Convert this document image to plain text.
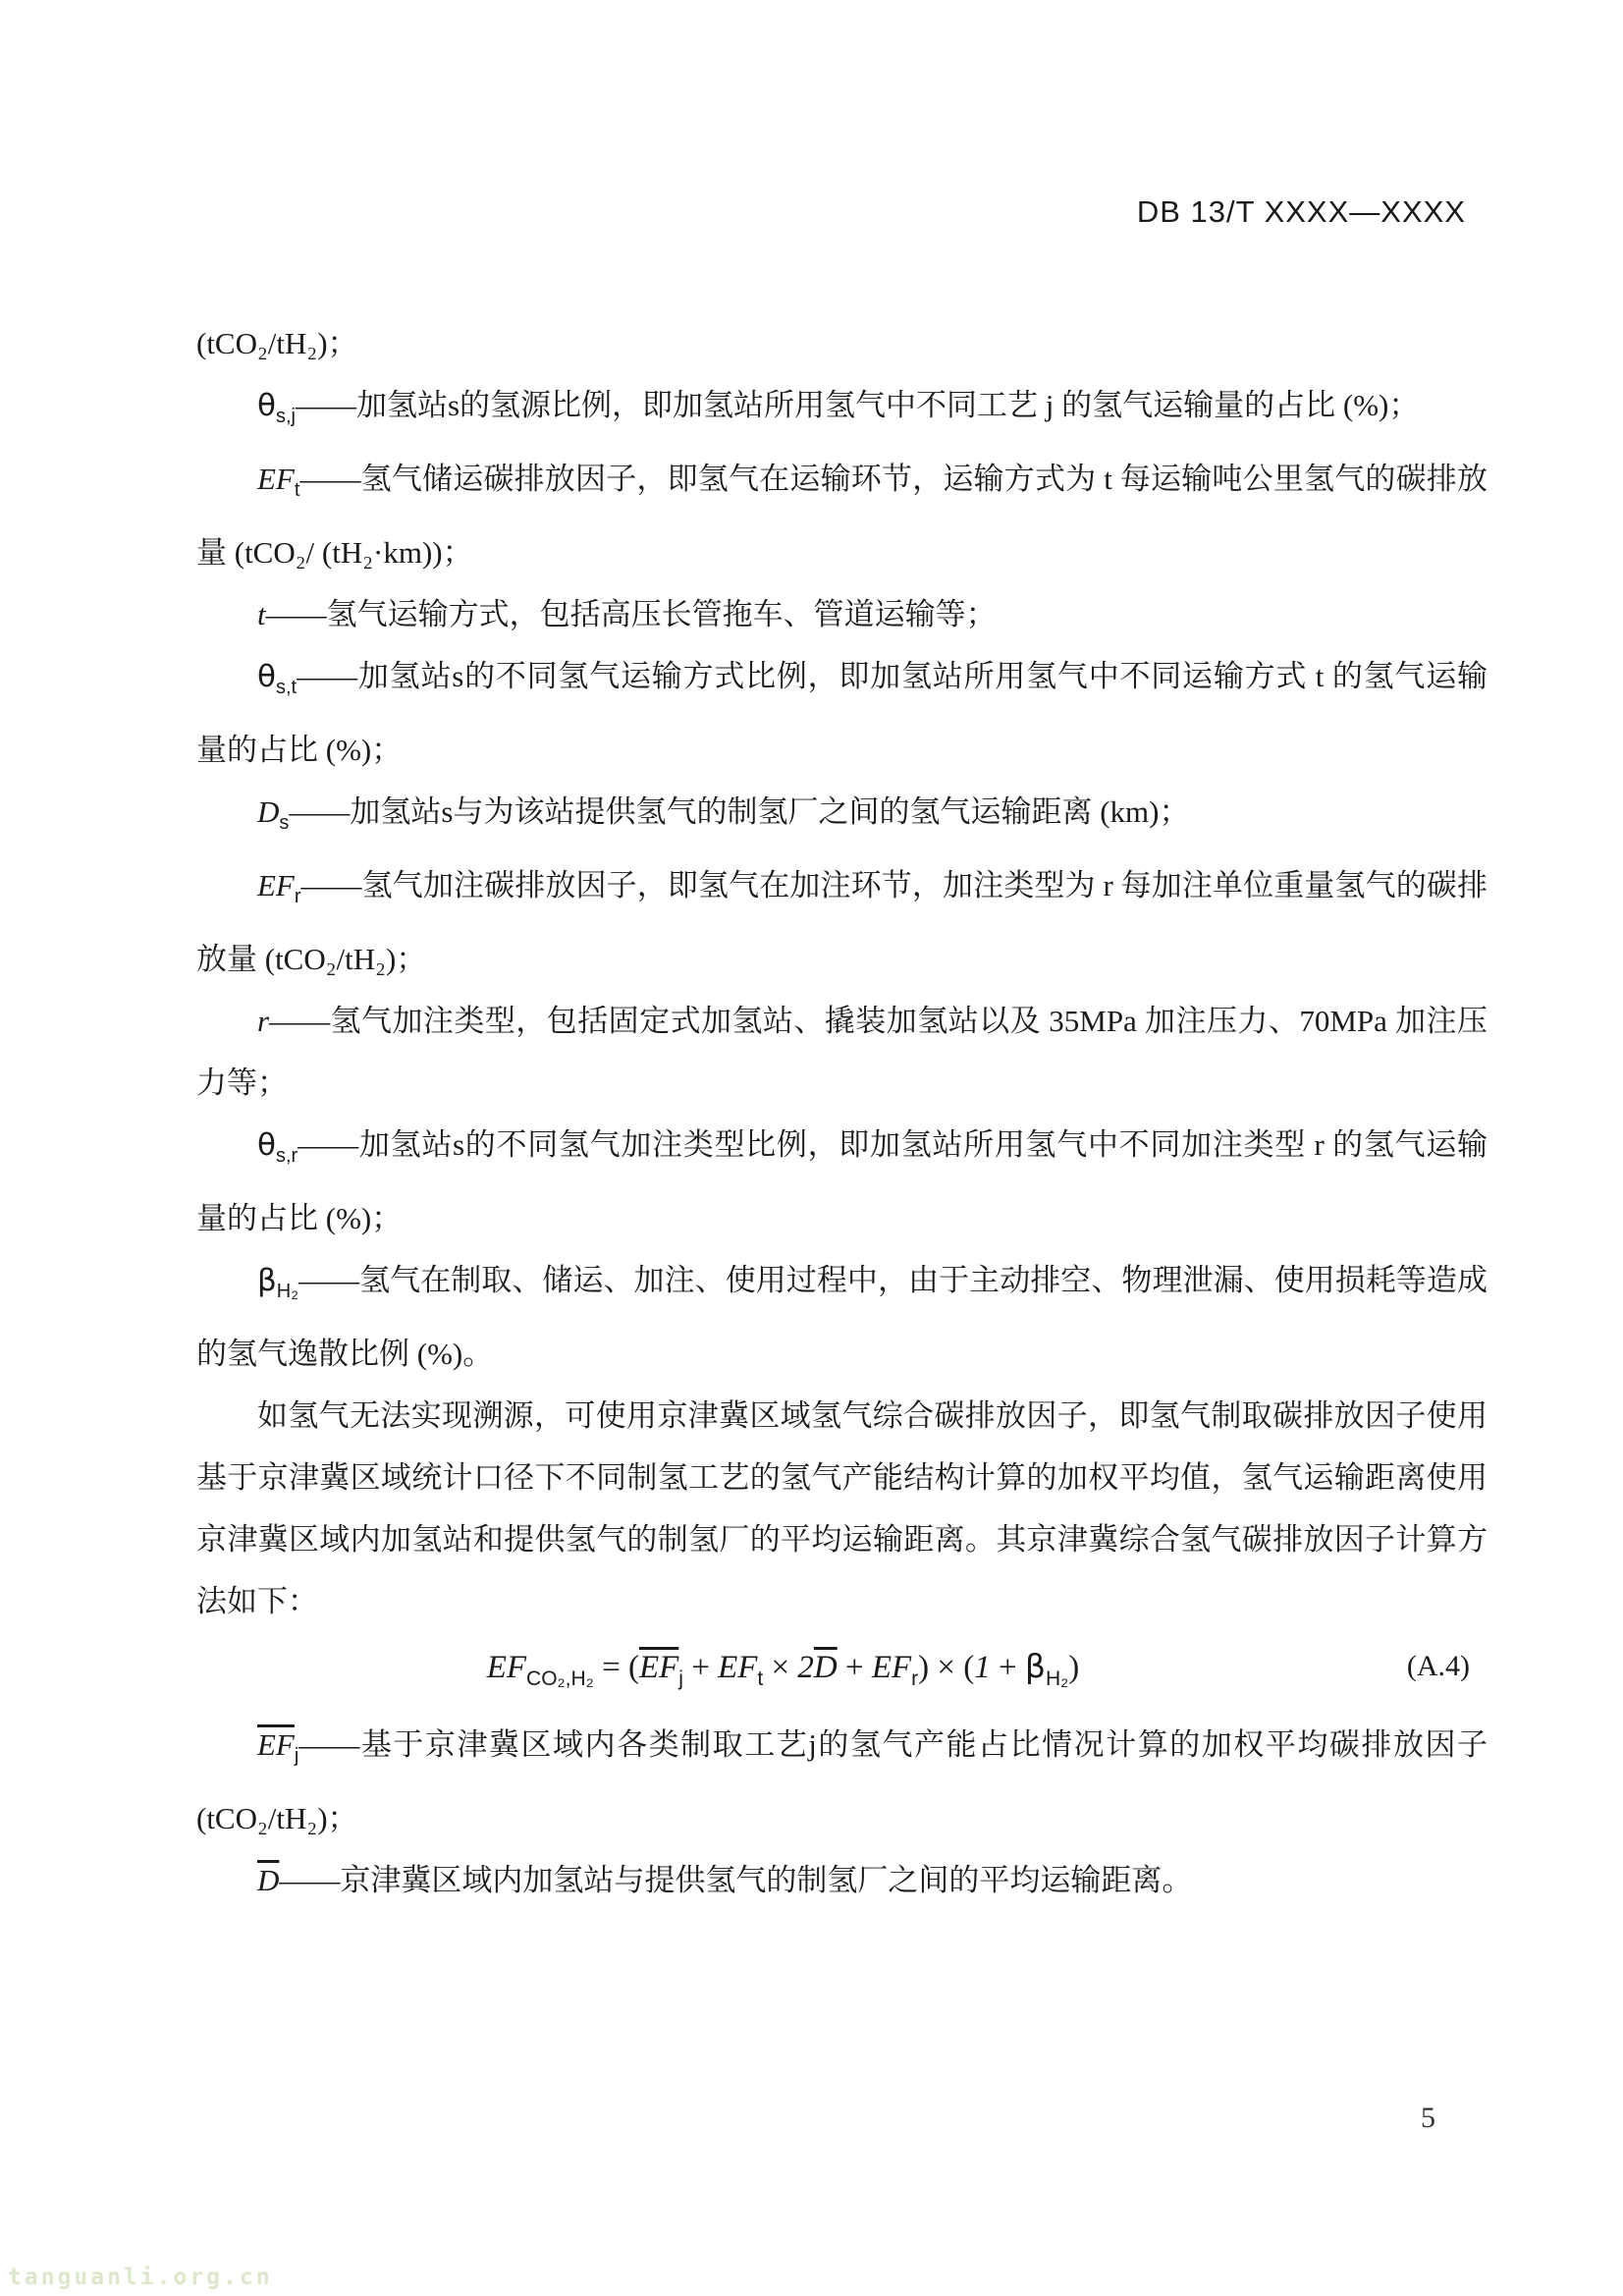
DB 13/T XXXX—XXXX
(tCO₂/tH₂)；
$\theta_{s,j}——$加氢站s的氢源比例，即加氢站所用氢气中不同工艺 j 的氢气运输量的占比 (%)；
$EF_t——$氢气储运碳排放因子，即氢气在运输环节，运输方式为 t 每运输吨公里氢气的碳排放量 (tCO₂/ (tH₂·km))；
t——氢气运输方式，包括高压长管拖车、管道运输等；
$\theta_{s,t}——$加氢站s的不同氢气运输方式比例，即加氢站所用氢气中不同运输方式 t 的氢气运输量的占比 (%)；
$D_s——$加氢站s与为该站提供氢气的制氢厂之间的氢气运输距离 (km)；
$EF_r——$氢气加注碳排放因子，即氢气在加注环节，加注类型为 r 每加注单位重量氢气的碳排放量 (tCO₂/tH₂)；
r——氢气加注类型，包括固定式加氢站、撬装加氢站以及 35MPa 加注压力、70MPa 加注压力等；
$\theta_{s,r}——$加氢站s的不同氢气加注类型比例，即加氢站所用氢气中不同加注类型 r 的氢气运输量的占比 (%)；
$\beta_{H_2}——$氢气在制取、储运、加注、使用过程中，由于主动排空、物理泄漏、使用损耗等造成的氢气逸散比例 (%)。
如氢气无法实现溯源，可使用京津冀区域氢气综合碳排放因子，即氢气制取碳排放因子使用基于京津冀区域统计口径下不同制氢工艺的氢气产能结构计算的加权平均值，氢气运输距离使用京津冀区域内加氢站和提供氢气的制氢厂的平均运输距离。其京津冀综合氢气碳排放因子计算方法如下：
$EF_{CO_2,H_2} = (\overline{EF}_j + EF_t \times 2\overline{D} + EF_r) \times (1 + \beta_{H_2})$	(A.4)
$\overline{EF}_j——$基于京津冀区域内各类制取工艺j的氢气产能占比情况计算的加权平均碳排放因子 (tCO₂/tH₂)；
$\overline{D}——$京津冀区域内加氢站与提供氢气的制氢厂之间的平均运输距离。
5
tanguanli.org.cn
